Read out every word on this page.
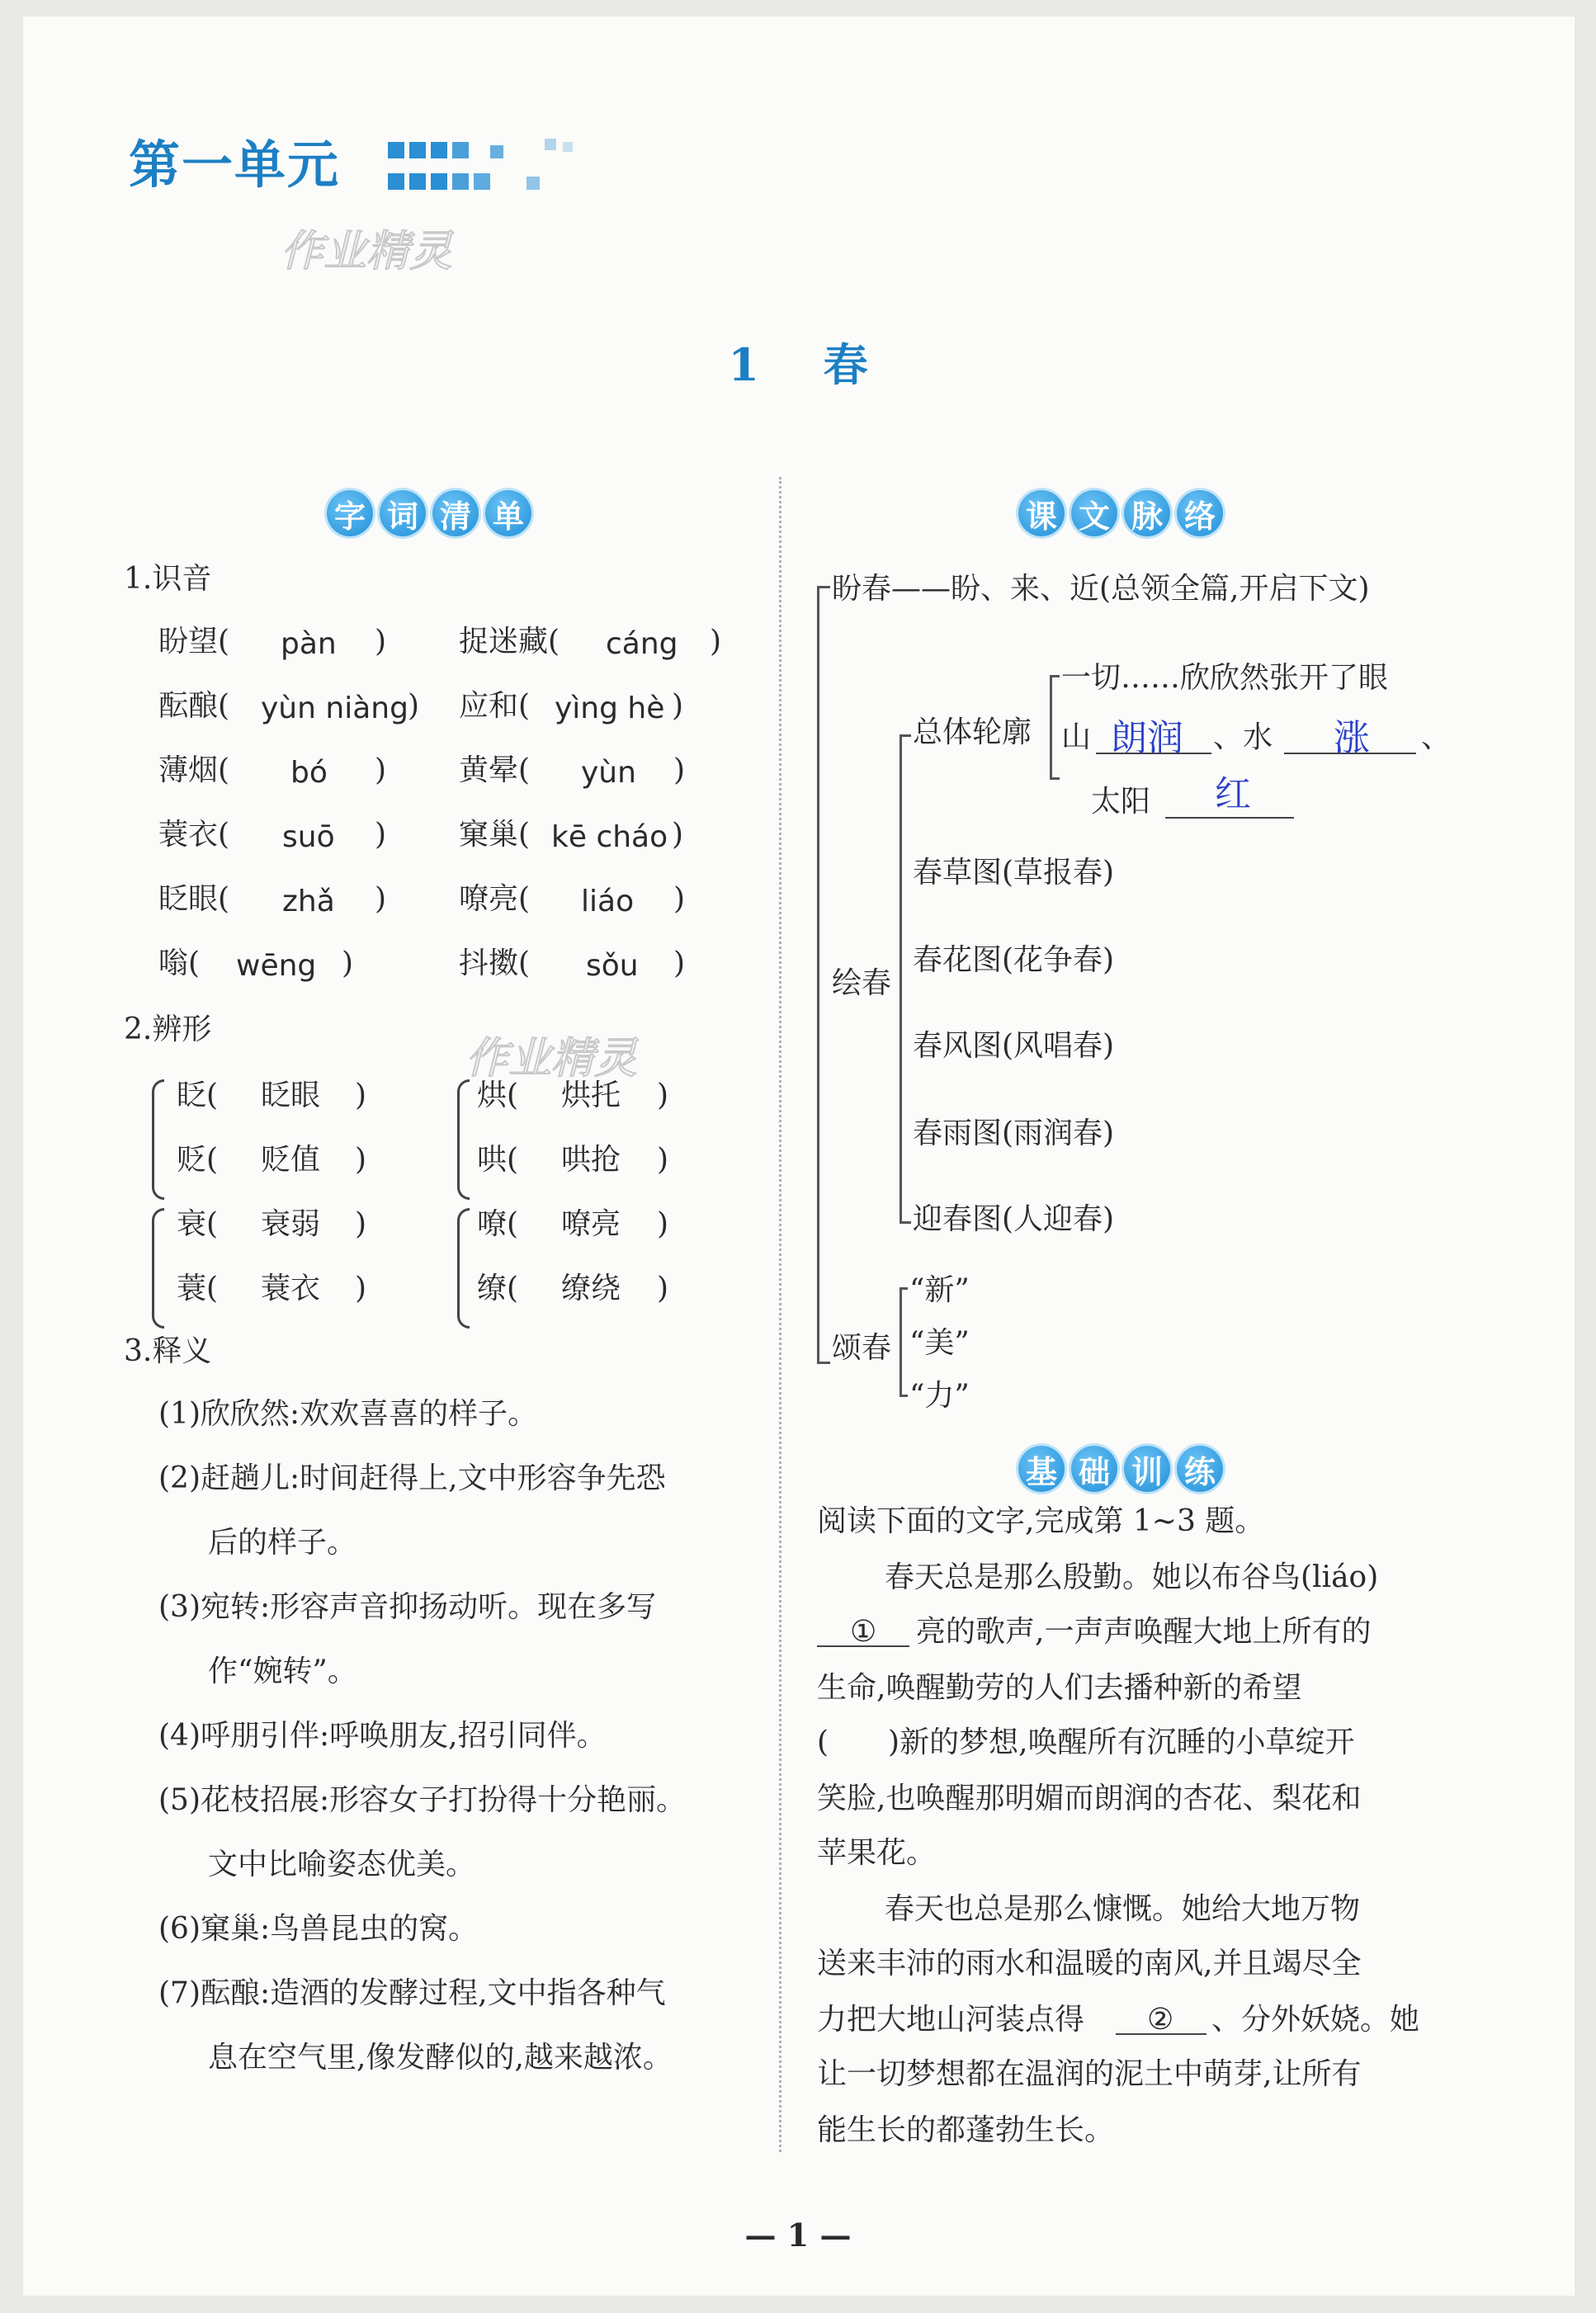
第一单元
作业精灵
作业精灵
1 春
字 词 清 单
1.识音
盼望( pàn ) 捉迷藏( cáng )
酝酿( yùn niàng ) 应和( yìng hè )
薄烟( bó ) 黄晕( yùn )
蓑衣( suō ) 窠巢( kē cháo )
眨眼( zhǎ ) 嘹亮( liáo )
嗡( wēng )	抖擞( sǒu )
2.辨形
眨( 眨眼 )
贬( 贬值 )
烘( 烘托 )
哄( 哄抢 )
衰( 衰弱 )
蓑( 蓑衣 )
嘹( 嘹亮 )
缭( 缭绕 )
3.释义
(1)欣欣然:欢欢喜喜的样子。
(2)赶趟儿:时间赶得上,文中形容争先恐
后的样子。
(3)宛转:形容声音抑扬动听。现在多写
作“婉转”。
(4)呼朋引伴:呼唤朋友,招引同伴。
(5)花枝招展:形容女子打扮得十分艳丽。
文中比喻姿态优美。
(6)窠巢:鸟兽昆虫的窝。
(7)酝酿:造酒的发酵过程,文中指各种气
息在空气里,像发酵似的,越来越浓。
课 文 脉 络
盼春——盼、来、近(总领全篇,开启下文)
绘春
总体轮廓
一切……欣欣然张开了眼
山 朗润 、水 涨 、
太阳 红
春草图(草报春)
春花图(花争春)
春风图(风唱春)
春雨图(雨润春)
迎春图(人迎春)
颂春
“新”
“美”
“力”
基 础 训 练
阅读下面的文字,完成第 1~3 题。
春天总是那么殷勤。她以布谷鸟(liáo)
① 亮的歌声,一声声唤醒大地上所有的
生命,唤醒勤劳的人们去播种新的希望
(　　)新的梦想,唤醒所有沉睡的小草绽开
笑脸,也唤醒那明媚而朗润的杏花、梨花和
苹果花。
春天也总是那么慷慨。她给大地万物
送来丰沛的雨水和温暖的南风,并且竭尽全
力把大地山河装点得 ② 、分外妖娆。她
让一切梦想都在温润的泥土中萌芽,让所有
能生长的都蓬勃生长。
— 1 —
